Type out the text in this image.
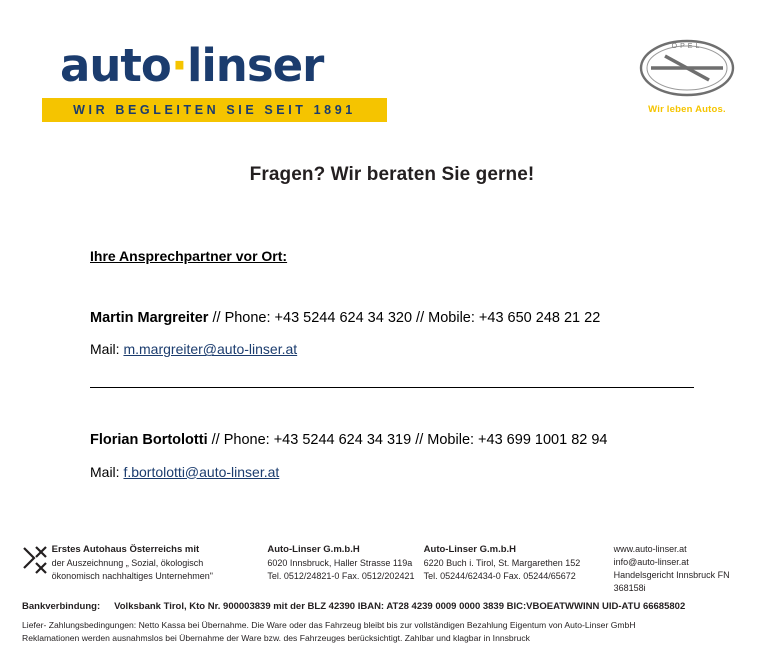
auto·linser
WIR BEGLEITEN SIE SEIT 1891
OPEL
Wir leben Autos.
Fragen? Wir beraten Sie gerne!
Ihre Ansprechpartner vor Ort:
Martin Margreiter // Phone: +43 5244 624 34 320 // Mobile: +43 650 248 21 22
Mail: m.margreiter@auto-linser.at
Florian Bortolotti // Phone: +43 5244 624 34 319 // Mobile: +43 699 1001 82 94
Mail: f.bortolotti@auto-linser.at
Erstes Autohaus Österreichs mit
der Auszeichnung „ Sozial, ökologisch
ökonomisch nachhaltiges Unternehmen"
Auto-Linser G.m.b.H
6020 Innsbruck, Haller Strasse 119a
Tel. 0512/24821-0 Fax. 0512/202421
Auto-Linser G.m.b.H
6220 Buch i. Tirol, St. Margarethen 152
Tel. 05244/62434-0 Fax. 05244/65672
www.auto-linser.at
info@auto-linser.at
Handelsgericht Innsbruck FN 368158i
Bankverbindung: Volksbank Tirol, Kto Nr. 900003839 mit der BLZ 42390 IBAN: AT28 4239 0009 0000 3839 BIC:VBOEATWWINN UID-ATU 66685802
Liefer- Zahlungsbedingungen: Netto Kassa bei Übernahme. Die Ware oder das Fahrzeug bleibt bis zur vollständigen Bezahlung Eigentum von Auto-Linser GmbH
Reklamationen werden ausnahmslos bei Übernahme der Ware bzw. des Fahrzeuges berücksichtigt. Zahlbar und klagbar in Innsbruck
